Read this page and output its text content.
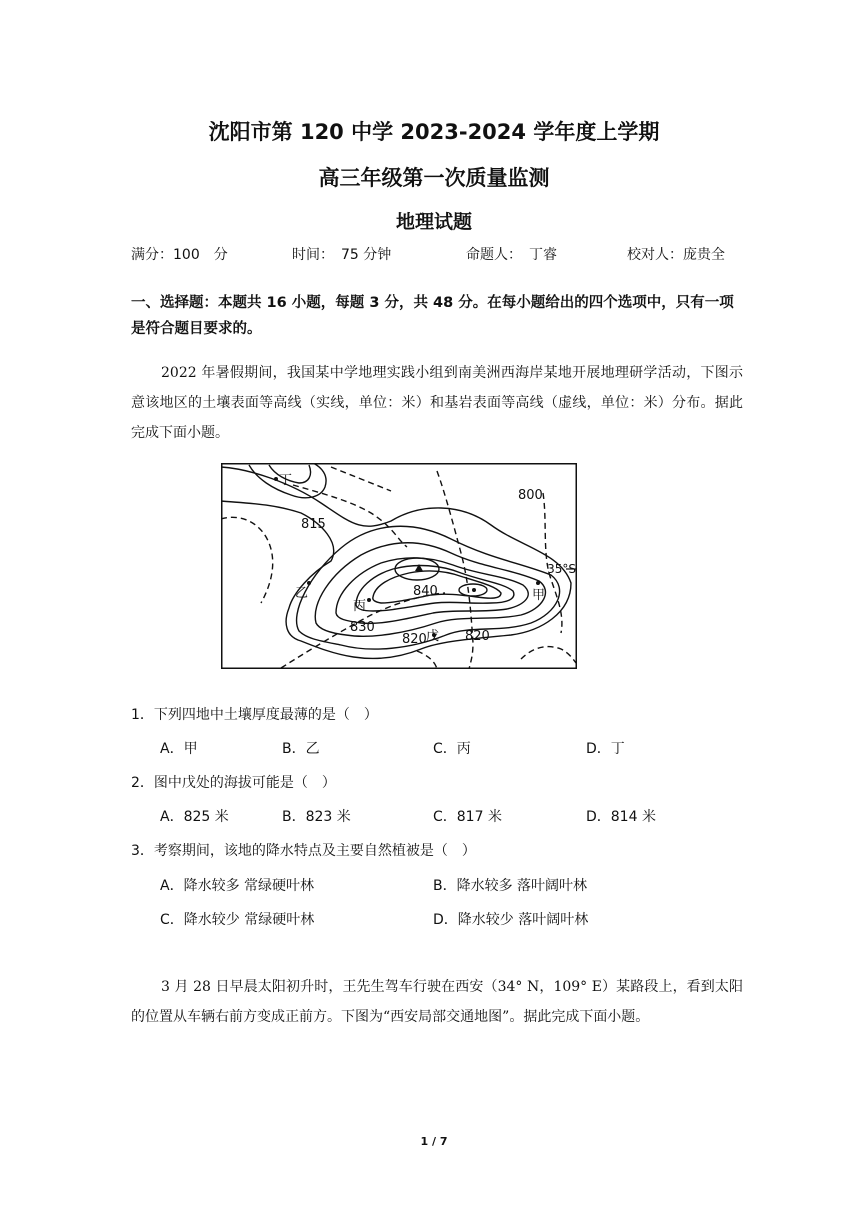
沈阳市第 120 中学 2023-2024 学年度上学期
高三年级第一次质量监测
地理试题
满分：100　分	时间：　75 分钟	命题人：　丁睿	校对人：庞贵全
一、选择题：本题共 16 小题，每题 3 分，共 48 分。在每小题给出的四个选项中，只有一项是符合题目要求的。
2022 年暑假期间，我国某中学地理实践小组到南美洲西海岸某地开展地理研学活动，下图示意该地区的土壤表面等高线（实线，单位：米）和基岩表面等高线（虚线，单位：米）分布。据此完成下面小题。
800
815
840
830
820	820
35°S
甲
乙
丙
丁
戊
1．下列四地中土壤厚度最薄的是（　）
A．甲	B．乙	C．丙	D．丁
2．图中戊处的海拔可能是（　）
A．825 米	B．823 米	C．817 米	D．814 米
3．考察期间，该地的降水特点及主要自然植被是（　）
A．降水较多 常绿硬叶林	B．降水较多 落叶阔叶林
C．降水较少 常绿硬叶林	D．降水较少 落叶阔叶林
3 月 28 日早晨太阳初升时，王先生驾车行驶在西安（34° N，109° E）某路段上，看到太阳的位置从车辆右前方变成正前方。下图为“西安局部交通地图”。据此完成下面小题。
1 / 7
